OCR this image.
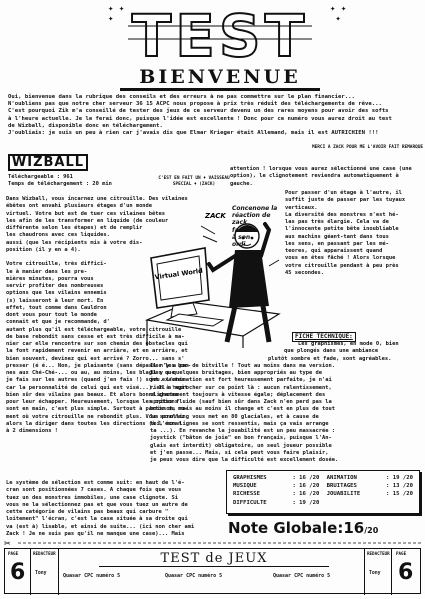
✦ ✦
✦
✦ ✦
✦
TEST
BIENVENUE

Oui, bienvenue dans la rubrique des conseils et des erreurs à ne pas commettre sur le plan financier...

N'oubliens pas que notre cher serveur 36 15 ACPC nous propose à prix très réduit des téléchargements de rêve...

C'est pourquoi Zik m'a conseillé de tester des jeux de ce serveur devenu un des rares moyens pour avoir des softs

à l'heure actuelle. Je le ferai donc, puisque l'idée est excellente ! Donc pour ce numéro vous aurez droit au test

de Wizball, disponible donc en téléchargement.

J'oubliais: je suis un peu à rien car j'avais dis que Elmar Krieger était Allemand, mais il est AUTRICHIEN !!!

MERCI A ZACK POUR ME L'AVOIR FAIT REMARQUE
WIZBALL
Téléchargeable : 961
Temps de téléchargement : 20 min
C'EST EN FAIT UN ♦ VAISSEAU SPECIAL ♦ (ZACK)
Virtual World
ZACK
Concenone la
réaction de
zack
face
à son
ordi

Dans Wizball, vous incarnez une citrouille. Des vilaines

ébêtes ont envahi plusieurs étages d'un monde

virtuel. Votre but est de tuer ces vilaines bêtes

les afin de les transformer en liquide (de couleur

différente selon les étapes) et de remplir

les chaudrons avec ces liquides.

aussi (que les récipients mis à votre dis-

position (il y en a 4).

Votre citrouille, très diffici-

le à manier dans les pre-

mières minutes, pourra vous

servir profiter des nombreuses

options que les vilains ennemis

(s) laisseront à leur mort. En

effet, tout comme dans Cauldron

dont vous pour tout le monde

connait et que je recommande, d'

autant plus qu'il est téléchargeable, votre citrouille

de base rebondit sans cesse et est très difficile à ma-

nier car elle rencontre sur son chemin des obstacles qui

la font rapidement revenir en arrière, et en arrière, et

bien souvent, devinez qui est arrivé ? Zorro... sans s'

presser (é é... Non, je plaisante (sans dépasser les bor-

nes aux Ché-Ché-... ou au, au moins, les blagues que

je fais sur les autres (quand j'en fais !) sont exactes

car la personnalité de celui qui est visé...). Il s'agit

bien sûr des vilains pas beaux. Et alors bonne chance

pour leur échapper. Heureusement, lorsque les options

sont en main, c'est plus simple. Surtout à partir du mo-

ment où votre citrouille ne rebondit plus. Vous pourrez

alors la diriger dans toutes les directions (à l'écran

à 2 dimensions !

attention ! lorsque vous aurez sélectionné une case (une

option), le clignotement reviendra automatiquement à

gauche.

Pour passer d'un étage à l'autre, il

suffit juste de passer par les tuyaux

verticaux.

La diversité des monstres n'est hé-

las pas très élargie. Cela va de

l'innocente petite bête inoubliable

aux machins géant-tant dans tous

les sens, en passant par les mé-

teores, qui apparaissent quand

vous en êtes fâché ! Alors lorsque

votre citrouille pendant à peu près

45 secondes.

FICHE TECHNIQUE:

Les graphismes, en mode 0, bien

que plongés dans une ambiance

plutôt sombre et fade, sont agréables.

Il n'y a pas de bitville ! Tout au moins dans ma version.

Il y a quelques bruitages, bien appropriés au type de

jeu. L'animation est fort heureusement parfaite, je n'ai

rien à reprocher sur ce point là : aucun ralentissement,

clignotement toujours à vitesse égale; déplacement des

sprites fluide (sauf bien sûr dans Zack n'en perd pas la

boisson, mais au moins il change et c'est en plus de tout

le scrolling vous met en 80 glaciales, et à cause de

toi, nos lignes se sont ressentis, mais ça vais arrange

ta ...). En revanche la jouabilité est un peu massacrée :

joystick ("bâton de joie" en bon français, puisque l'An-

glais est interdit) obligatoire, un seul joueur possible

et j'en passe... Mais, si cela peut vous faire plaisir,

je peux vous dire que la difficulté est excellement dosée.

Le système de sélection est comme suit: en haut de l'é-

cran sont positionnées 7 cases. A chaque fois que vous

tuez un des monstres immobiles, une case clignote. Si

vous ne la sélectionnez pas et que vous tuez un autre de

cette catégorie de vilains pas beaux qui carbure "

loitement" l'écran, c'est la case située à sa droite qui

va (est à) lisable, et ainsi de suite... (ici non cher ami

Zack ! Je ne suis pas qu'il ne manque une case)... Mais

GRAPHISMES	: 16 /20 ANIMATION	: 19 /20
MUSIQUE	: 16 /20 BRUITAGES	: 13 /20
RICHESSE	: 16 /20 JOUABILITE	: 15 /20
DIFFICULTE	: 19 /20
Note Globale:16/20
✂
PAGE
6
REDACTEUR
Tony
TEST de JEUX
Quasar CPC numéro 5	Quasar CPC numéro 5	Quasar CPC numéro 5
REDACTEUR
Tony
PAGE
6
